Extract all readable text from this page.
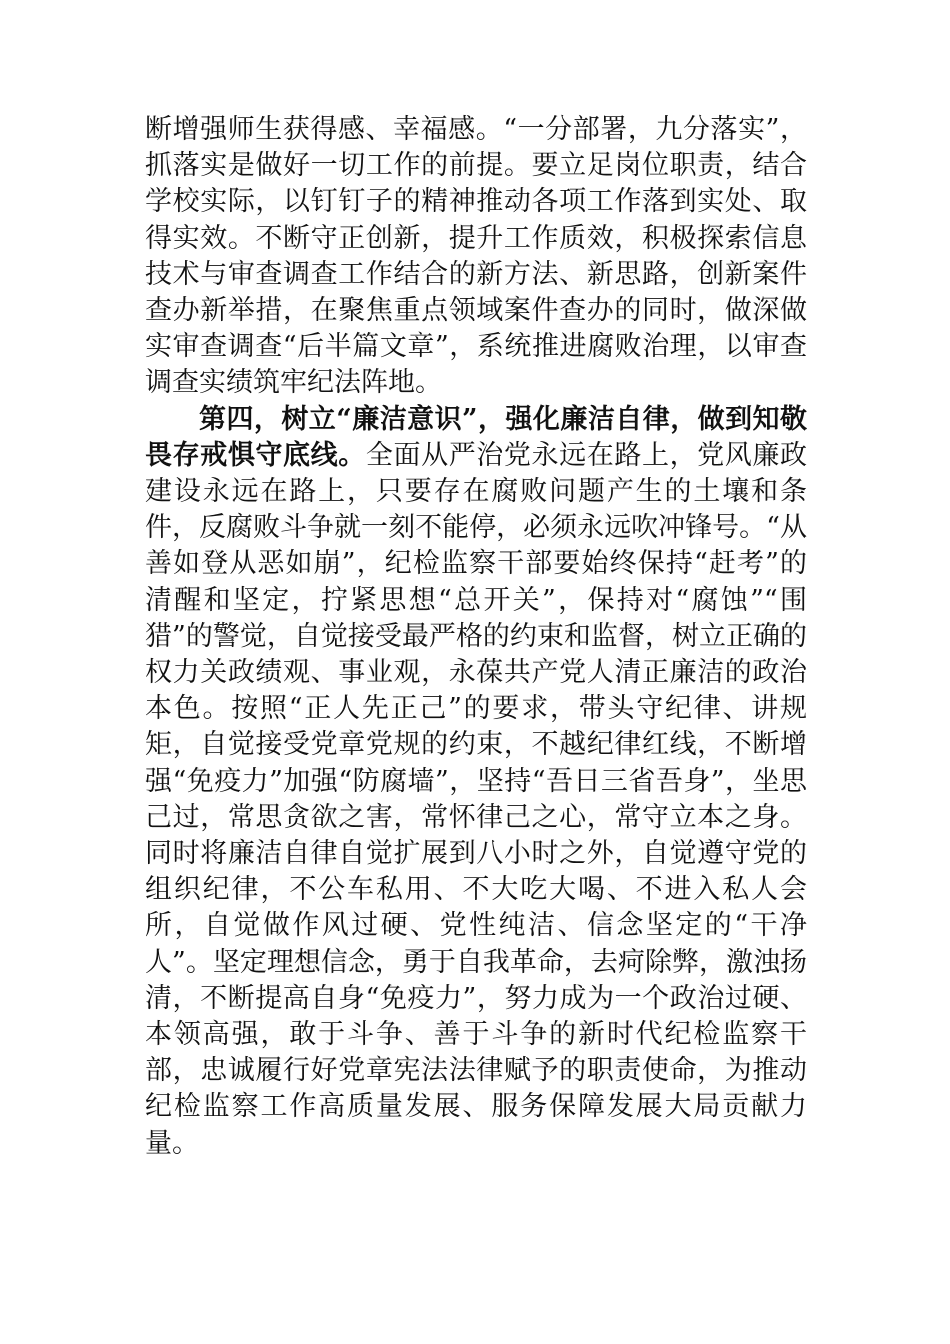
断增强师生获得感、幸福感。“一分部署，九分落实”，抓落实是做好一切工作的前提。要立足岗位职责，结合学校实际，以钉钉子的精神推动各项工作落到实处、取得实效。不断守正创新，提升工作质效，积极探索信息技术与审查调查工作结合的新方法、新思路，创新案件查办新举措，在聚焦重点领域案件查办的同时，做深做实审查调查“后半篇文章”，系统推进腐败治理，以审查调查实绩筑牢纪法阵地。

第四，树立“廉洁意识”，强化廉洁自律，做到知敬畏存戒惧守底线。全面从严治党永远在路上，党风廉政建设永远在路上，只要存在腐败问题产生的土壤和条件，反腐败斗争就一刻不能停，必须永远吹冲锋号。“从善如登从恶如崩”，纪检监察干部要始终保持“赶考”的清醒和坚定，拧紧思想“总开关”，保持对“腐蚀”“围猎”的警觉，自觉接受最严格的约束和监督，树立正确的权力关政绩观、事业观，永葆共产党人清正廉洁的政治本色。按照“正人先正己”的要求，带头守纪律、讲规矩，自觉接受党章党规的约束，不越纪律红线，不断增强“免疫力”加强“防腐墙”，坚持“吾日三省吾身”，坐思己过，常思贪欲之害，常怀律己之心，常守立本之身。同时将廉洁自律自觉扩展到八小时之外，自觉遵守党的组织纪律，不公车私用、不大吃大喝、不进入私人会所，自觉做作风过硬、党性纯洁、信念坚定的“干净人”。坚定理想信念，勇于自我革命，去疴除弊，激浊扬清，不断提高自身“免疫力”，努力成为一个政治过硬、本领高强，敢于斗争、善于斗争的新时代纪检监察干部，忠诚履行好党章宪法法律赋予的职责使命，为推动纪检监察工作高质量发展、服务保障发展大局贡献力量。
